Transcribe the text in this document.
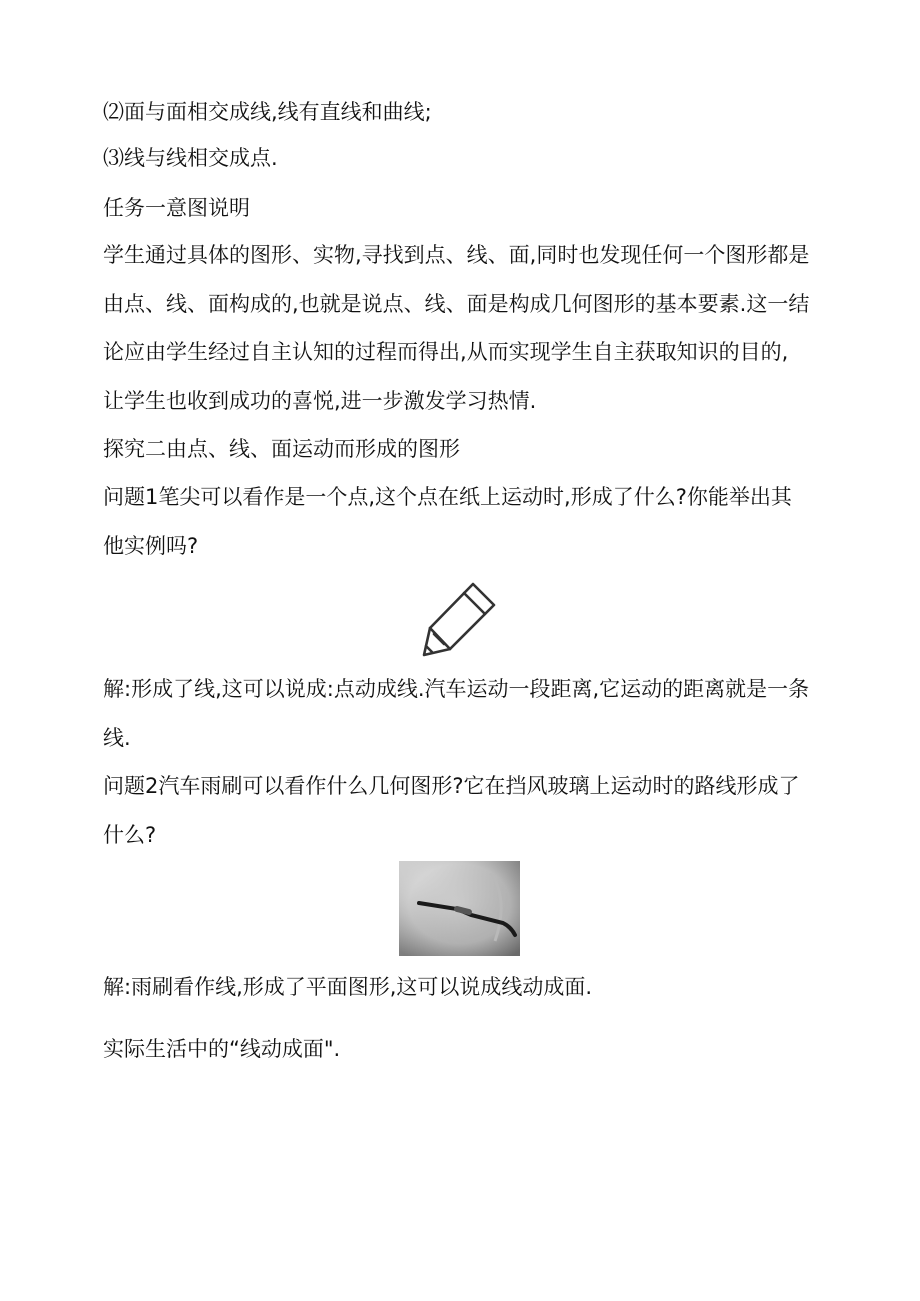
⑵面与面相交成线,线有直线和曲线;
⑶线与线相交成点.
任务一意图说明
学生通过具体的图形、实物,寻找到点、线、面,同时也发现任何一个图形都是
由点、线、面构成的,也就是说点、线、面是构成几何图形的基本要素.这一结
论应由学生经过自主认知的过程而得出,从而实现学生自主获取知识的目的,
让学生也收到成功的喜悦,进一步激发学习热情.
探究二由点、线、面运动而形成的图形
问题1笔尖可以看作是一个点,这个点在纸上运动时,形成了什么?你能举出其
他实例吗?
解:形成了线,这可以说成:点动成线.汽车运动一段距离,它运动的距离就是一条
线.
问题2汽车雨刷可以看作什么几何图形?它在挡风玻璃上运动时的路线形成了
什么?
解:雨刷看作线,形成了平面图形,这可以说成线动成面.
实际生活中的“线动成面".
